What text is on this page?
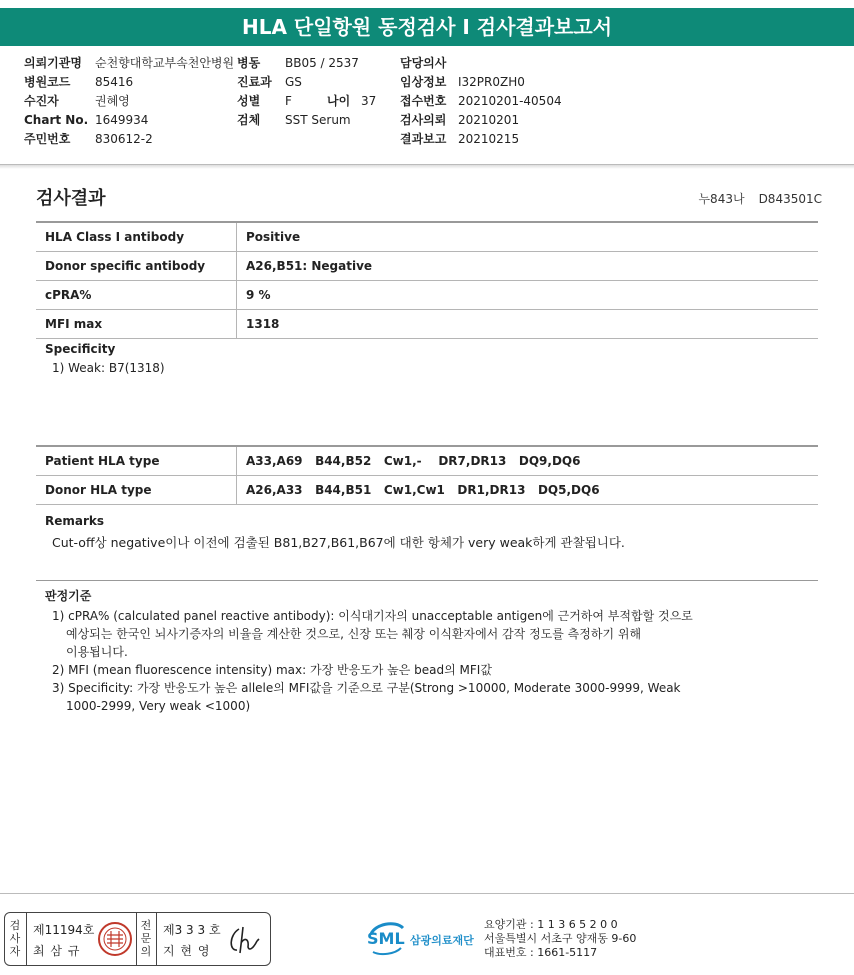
HLA 단일항원 동정검사 I 검사결과보고서
의뢰기관명 순천향대학교부속천안병원
병원코드 85416
수진자	권혜영
Chart No. 1649934
주민번호 830612-2
병동 BB05 / 2537
진료과 GS
성별 F	나이 37
검체 SST Serum
담당의사
임상정보 I32PR0ZH0
접수번호 20210201-40504
검사의뢰 20210201
결과보고 20210215
검사결과	누843나 D843501C
HLA Class I antibody	Positive
Donor specific antibody	A26,B51: Negative
cPRA%	9 %
MFI max	1318
Specificity
1) Weak: B7(1318)
Patient HLA type	A33,A69   B44,B52   Cw1,-    DR7,DR13   DQ9,DQ6
Donor HLA type	A26,A33   B44,B51   Cw1,Cw1   DR1,DR13   DQ5,DQ6
Remarks
Cut-off상 negative이나 이전에 검출된 B81,B27,B61,B67에 대한 항체가 very weak하게 관찰됩니다.
판정기준
1) cPRA% (calculated panel reactive antibody): 이식대기자의 unacceptable antigen에 근거하여 부적합할 것으로
예상되는 한국인 뇌사기증자의 비율을 계산한 것으로, 신장 또는 췌장 이식환자에서 감작 정도를 측정하기 위해
이용됩니다.
2) MFI (mean fluorescence intensity) max: 가장 반응도가 높은 bead의 MFI값
3) Specificity: 가장 반응도가 높은 allele의 MFI값을 기준으로 구분(Strong >10000, Moderate 3000-9999, Weak
1000-2999, Very weak <1000)
검
사
자
제11194호
최 삼 규
전
문
의
제3 3 3 호
지 현 영
SML 삼광의료재단
요양기관 : 1 1 3 6 5 2 0 0
서울특별시 서초구 양재동 9-60
대표번호 : 1661-5117
